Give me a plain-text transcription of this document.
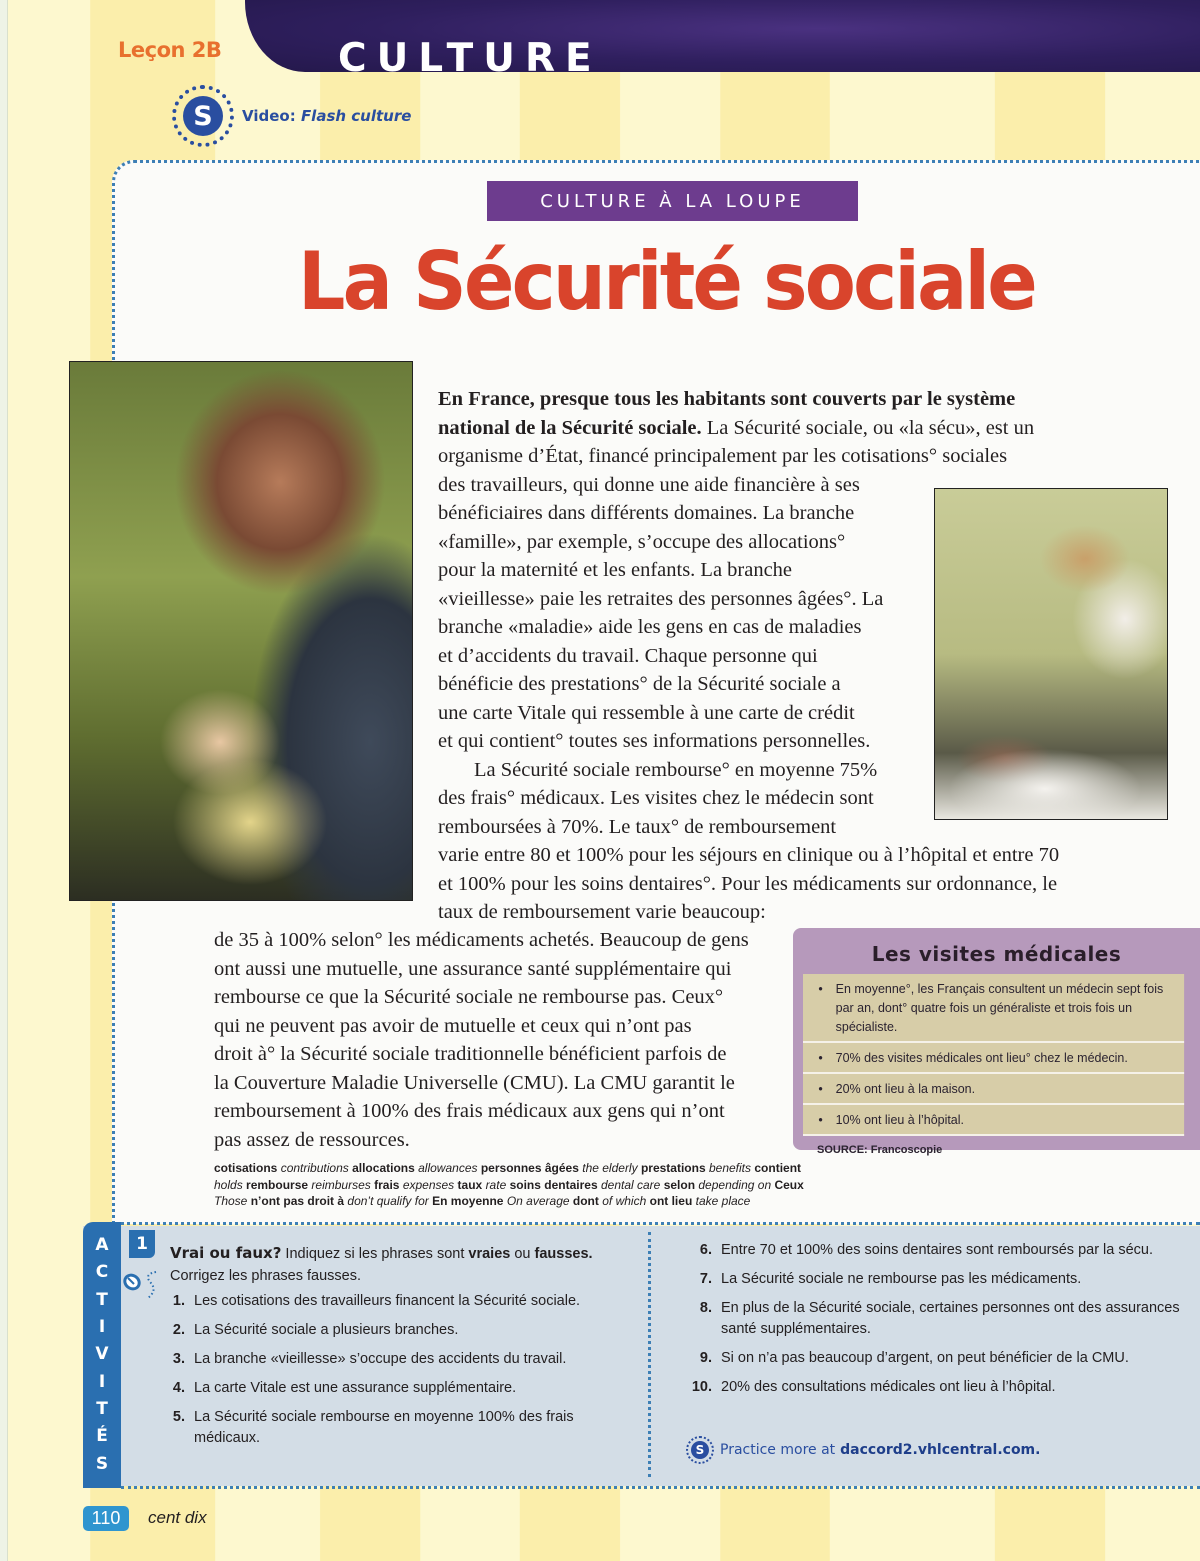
CULTURE
Leçon 2B
S	Video: Flash culture
CULTURE À LA LOUPE
La Sécurité sociale
En France, presque tous les habitants sont couverts par le système
national de la Sécurité sociale. La Sécurité sociale, ou «la sécu», est un
organisme d’État, financé principalement par les cotisations° sociales
des travailleurs, qui donne une aide financière à ses
bénéficiaires dans différents domaines. La branche
«famille», par exemple, s’occupe des allocations°
pour la maternité et les enfants. La branche
«vieillesse» paie les retraites des personnes âgées°. La
branche «maladie» aide les gens en cas de maladies
et d’accidents du travail. Chaque personne qui
bénéficie des prestations° de la Sécurité sociale a
une carte Vitale qui ressemble à une carte de crédit
et qui contient° toutes ses informations personnelles.
La Sécurité sociale rembourse° en moyenne 75%
des frais° médicaux. Les visites chez le médecin sont
remboursées à 70%. Le taux° de remboursement
varie entre 80 et 100% pour les séjours en clinique ou à l’hôpital et entre 70
et 100% pour les soins dentaires°. Pour les médicaments sur ordonnance, le
taux de remboursement varie beaucoup:
de 35 à 100% selon° les médicaments achetés. Beaucoup de gens
ont aussi une mutuelle, une assurance santé supplémentaire qui
rembourse ce que la Sécurité sociale ne rembourse pas. Ceux°
qui ne peuvent pas avoir de mutuelle et ceux qui n’ont pas
droit à° la Sécurité sociale traditionnelle bénéficient parfois de
la Couverture Maladie Universelle (CMU). La CMU garantit le
remboursement à 100% des frais médicaux aux gens qui n’ont
pas assez de ressources.
Les visites médicales
• En moyenne°, les Français consultent un médecin sept fois par an, dont° quatre fois un généraliste et trois fois un spécialiste.
• 70% des visites médicales ont lieu° chez le médecin.
• 20% ont lieu à la maison.
• 10% ont lieu à l’hôpital.
SOURCE: Francoscopie
cotisations contributions allocations allowances personnes âgées the elderly prestations benefits contient holds rembourse reimburses frais expenses taux rate soins dentaires dental care selon depending on Ceux Those n’ont pas droit à don’t qualify for En moyenne On average dont of which ont lieu take place
A
C
T
I
V
I
T
É
S
1	Vrai ou faux? Indiquez si les phrases sont vraies ou fausses.
Corrigez les phrases fausses.
1. Les cotisations des travailleurs financent la Sécurité sociale.
2. La Sécurité sociale a plusieurs branches.
3. La branche «vieillesse» s’occupe des accidents du travail.
4. La carte Vitale est une assurance supplémentaire.
5. La Sécurité sociale rembourse en moyenne 100% des frais médicaux.
6. Entre 70 et 100% des soins dentaires sont remboursés par la sécu.
7. La Sécurité sociale ne rembourse pas les médicaments.
8. En plus de la Sécurité sociale, certaines personnes ont des assurances santé supplémentaires.
9. Si on n’a pas beaucoup d’argent, on peut bénéficier de la CMU.
10. 20% des consultations médicales ont lieu à l’hôpital.
S	Practice more at daccord2.vhlcentral.com.
110	cent dix
